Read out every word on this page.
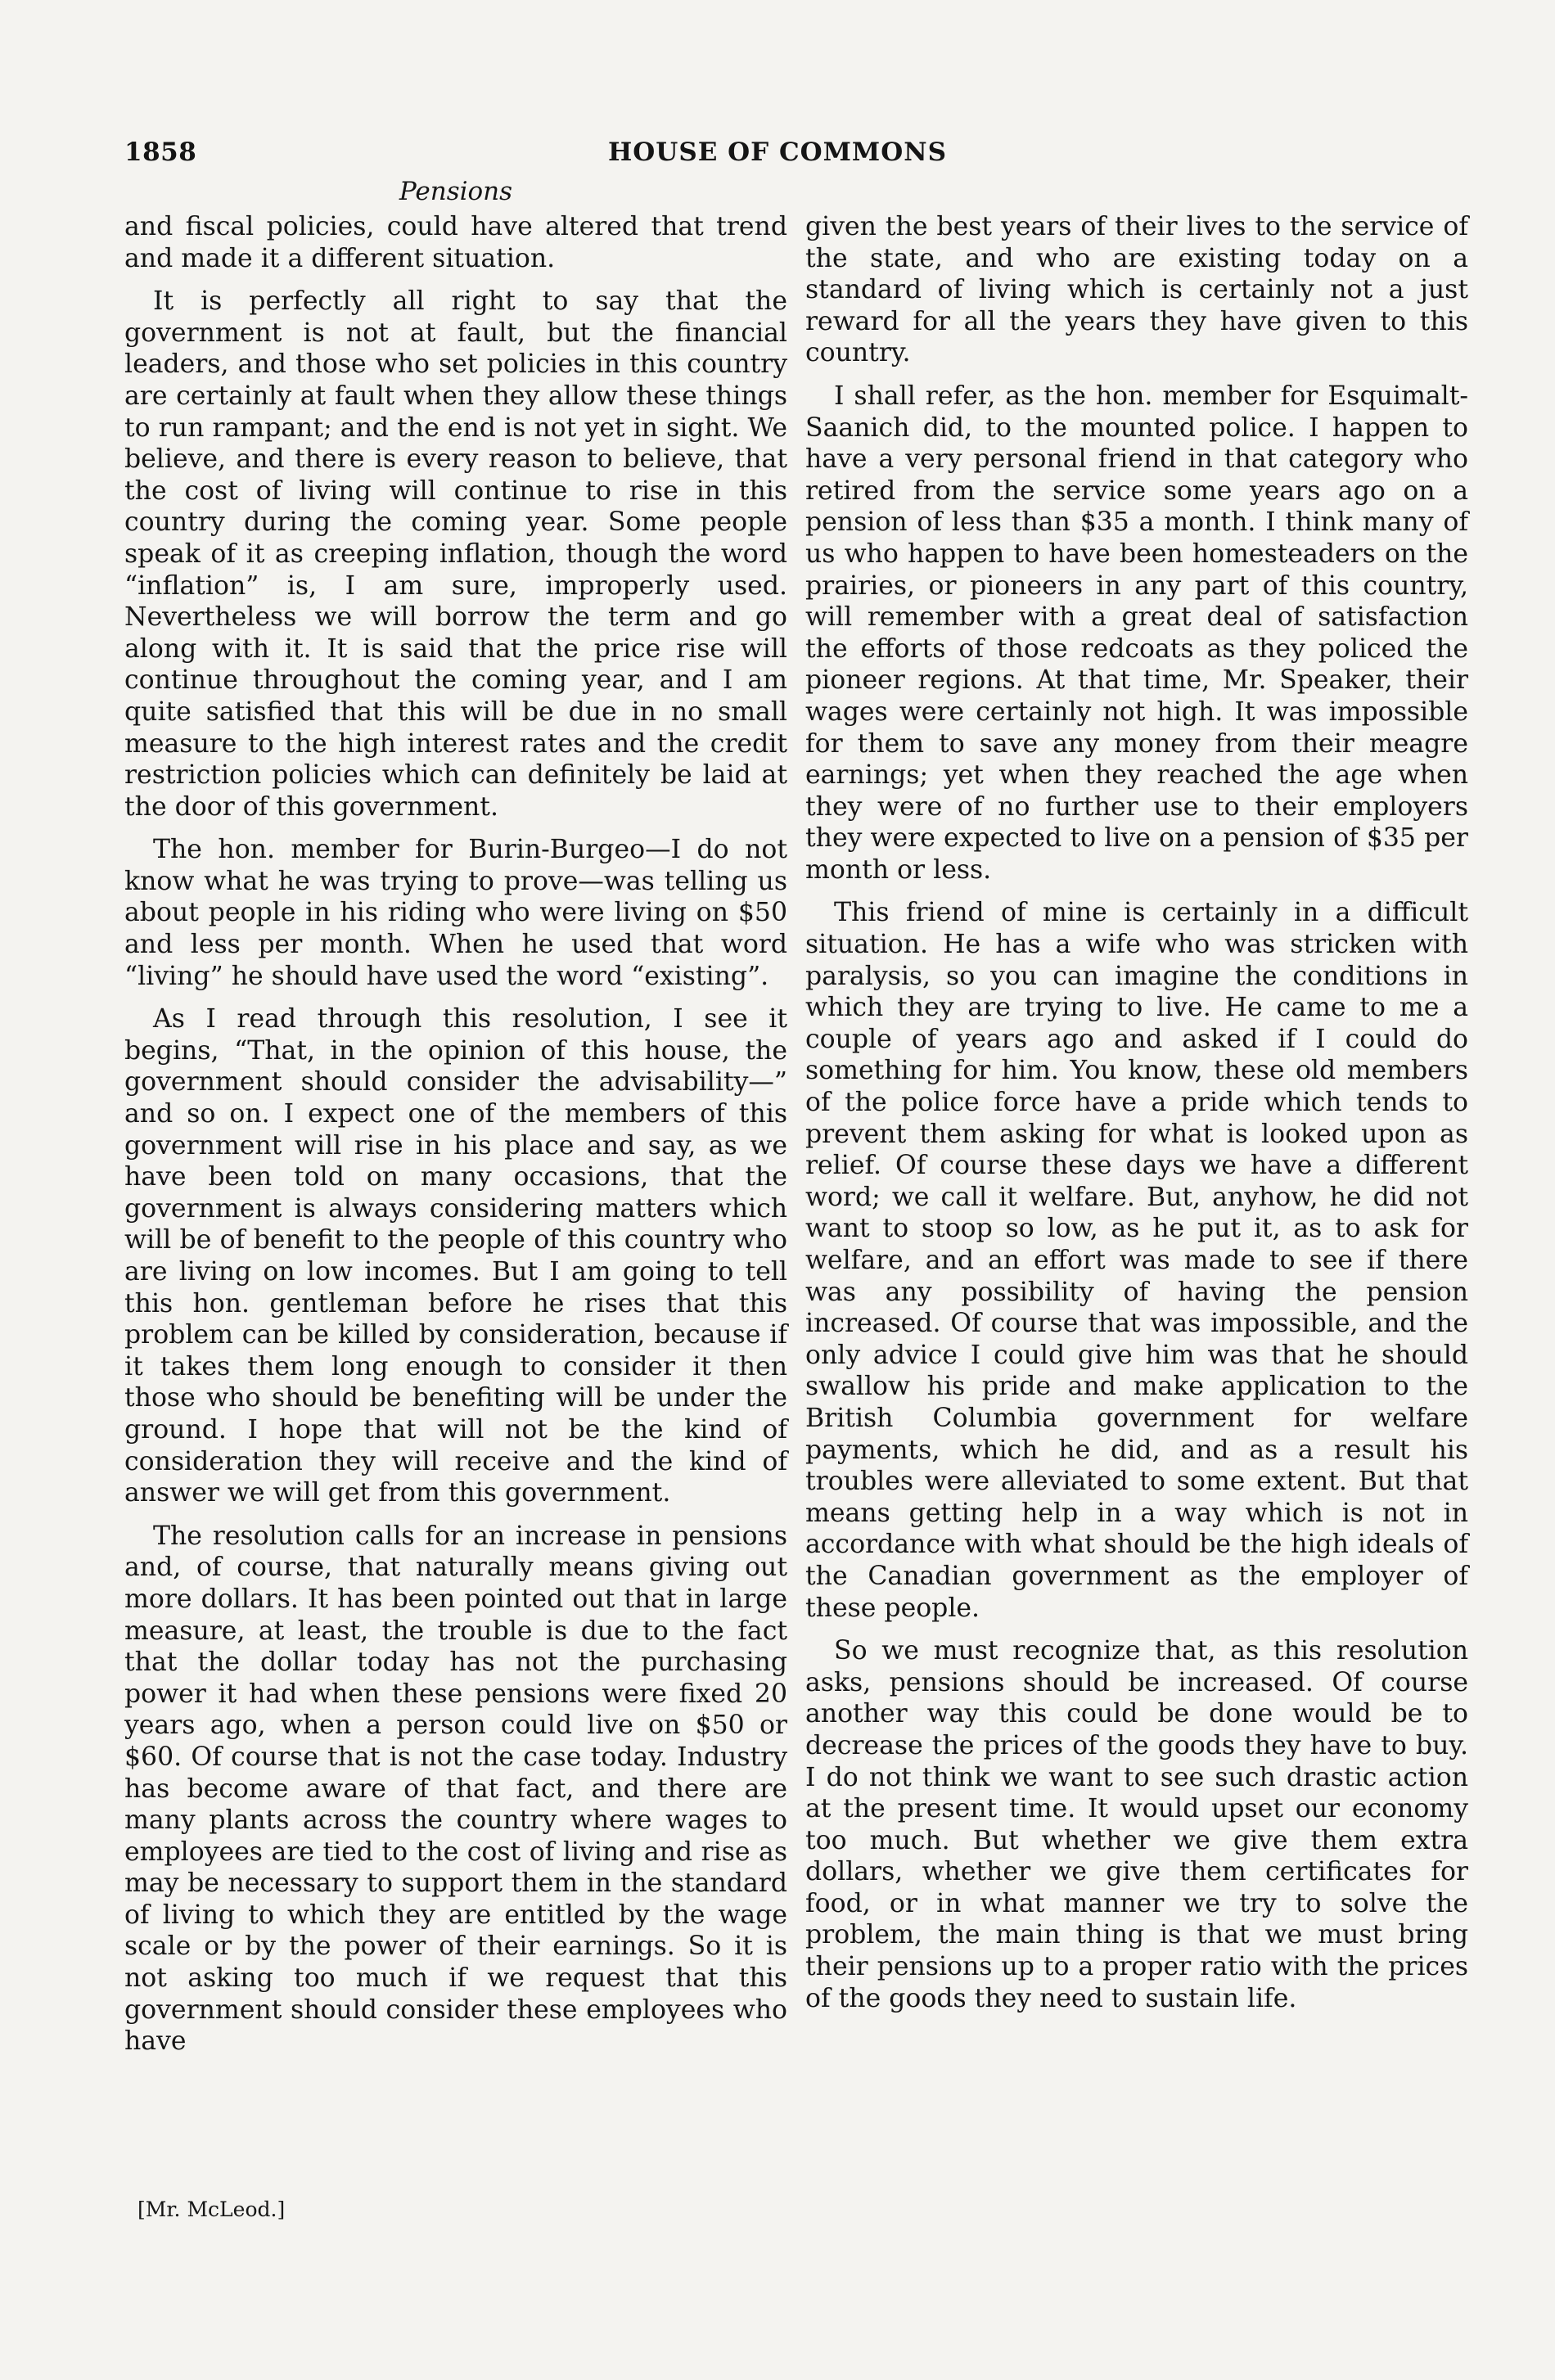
1858	HOUSE OF COMMONS
Pensions

and fiscal policies, could have altered that trend and made it a different situation.

It is perfectly all right to say that the government is not at fault, but the financial leaders, and those who set policies in this country are certainly at fault when they allow these things to run rampant; and the end is not yet in sight. We believe, and there is every reason to believe, that the cost of living will continue to rise in this country during the coming year. Some people speak of it as creeping inflation, though the word “inflation” is, I am sure, improperly used. Nevertheless we will borrow the term and go along with it. It is said that the price rise will continue throughout the coming year, and I am quite satisfied that this will be due in no small measure to the high interest rates and the credit restriction policies which can definitely be laid at the door of this government.

The hon. member for Burin-Burgeo—I do not know what he was trying to prove—was telling us about people in his riding who were living on $50 and less per month. When he used that word “living” he should have used the word “existing”.

As I read through this resolution, I see it begins, “That, in the opinion of this house, the government should consider the advisability—” and so on. I expect one of the members of this government will rise in his place and say, as we have been told on many occasions, that the government is always considering matters which will be of benefit to the people of this country who are living on low incomes. But I am going to tell this hon. gentleman before he rises that this problem can be killed by consideration, because if it takes them long enough to consider it then those who should be benefiting will be under the ground. I hope that will not be the kind of consideration they will receive and the kind of answer we will get from this government.

The resolution calls for an increase in pensions and, of course, that naturally means giving out more dollars. It has been pointed out that in large measure, at least, the trouble is due to the fact that the dollar today has not the purchasing power it had when these pensions were fixed 20 years ago, when a person could live on $50 or $60. Of course that is not the case today. Industry has become aware of that fact, and there are many plants across the country where wages to employees are tied to the cost of living and rise as may be necessary to support them in the standard of living to which they are entitled by the wage scale or by the power of their earnings. So it is not asking too much if we request that this government should consider these employees who have

given the best years of their lives to the service of the state, and who are existing today on a standard of living which is certainly not a just reward for all the years they have given to this country.

I shall refer, as the hon. member for Esquimalt-Saanich did, to the mounted police. I happen to have a very personal friend in that category who retired from the service some years ago on a pension of less than $35 a month. I think many of us who happen to have been homesteaders on the prairies, or pioneers in any part of this country, will remember with a great deal of satisfaction the efforts of those redcoats as they policed the pioneer regions. At that time, Mr. Speaker, their wages were certainly not high. It was impossible for them to save any money from their meagre earnings; yet when they reached the age when they were of no further use to their employers they were expected to live on a pension of $35 per month or less.

This friend of mine is certainly in a difficult situation. He has a wife who was stricken with paralysis, so you can imagine the conditions in which they are trying to live. He came to me a couple of years ago and asked if I could do something for him. You know, these old members of the police force have a pride which tends to prevent them asking for what is looked upon as relief. Of course these days we have a different word; we call it welfare. But, anyhow, he did not want to stoop so low, as he put it, as to ask for welfare, and an effort was made to see if there was any possibility of having the pension increased. Of course that was impossible, and the only advice I could give him was that he should swallow his pride and make application to the British Columbia government for welfare payments, which he did, and as a result his troubles were alleviated to some extent. But that means getting help in a way which is not in accordance with what should be the high ideals of the Canadian government as the employer of these people.

So we must recognize that, as this resolution asks, pensions should be increased. Of course another way this could be done would be to decrease the prices of the goods they have to buy. I do not think we want to see such drastic action at the present time. It would upset our economy too much. But whether we give them extra dollars, whether we give them certificates for food, or in what manner we try to solve the problem, the main thing is that we must bring their pensions up to a proper ratio with the prices of the goods they need to sustain life.

[Mr. McLeod.]
